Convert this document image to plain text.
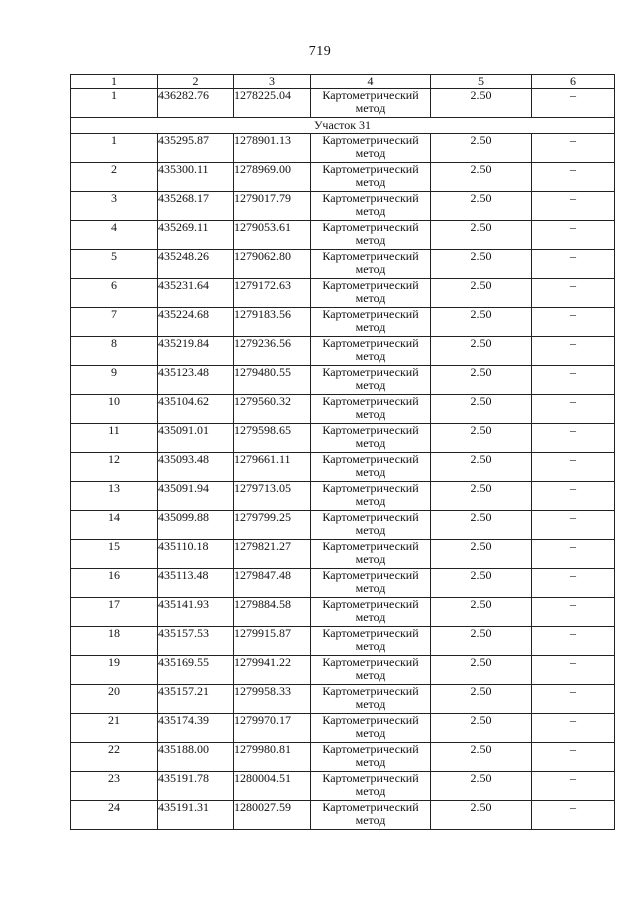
719
1	2	3	4	5	6
1	436282.76	1278225.04	Картометрический метод	2.50	–
Участок 31					
1	435295.87	1278901.13	Картометрический метод	2.50	–
2	435300.11	1278969.00	Картометрический метод	2.50	–
3	435268.17	1279017.79	Картометрический метод	2.50	–
4	435269.11	1279053.61	Картометрический метод	2.50	–
5	435248.26	1279062.80	Картометрический метод	2.50	–
6	435231.64	1279172.63	Картометрический метод	2.50	–
7	435224.68	1279183.56	Картометрический метод	2.50	–
8	435219.84	1279236.56	Картометрический метод	2.50	–
9	435123.48	1279480.55	Картометрический метод	2.50	–
10	435104.62	1279560.32	Картометрический метод	2.50	–
11	435091.01	1279598.65	Картометрический метод	2.50	–
12	435093.48	1279661.11	Картометрический метод	2.50	–
13	435091.94	1279713.05	Картометрический метод	2.50	–
14	435099.88	1279799.25	Картометрический метод	2.50	–
15	435110.18	1279821.27	Картометрический метод	2.50	–
16	435113.48	1279847.48	Картометрический метод	2.50	–
17	435141.93	1279884.58	Картометрический метод	2.50	–
18	435157.53	1279915.87	Картометрический метод	2.50	–
19	435169.55	1279941.22	Картометрический метод	2.50	–
20	435157.21	1279958.33	Картометрический метод	2.50	–
21	435174.39	1279970.17	Картометрический метод	2.50	–
22	435188.00	1279980.81	Картометрический метод	2.50	–
23	435191.78	1280004.51	Картометрический метод	2.50	–
24	435191.31	1280027.59	Картометрический метод	2.50	–
